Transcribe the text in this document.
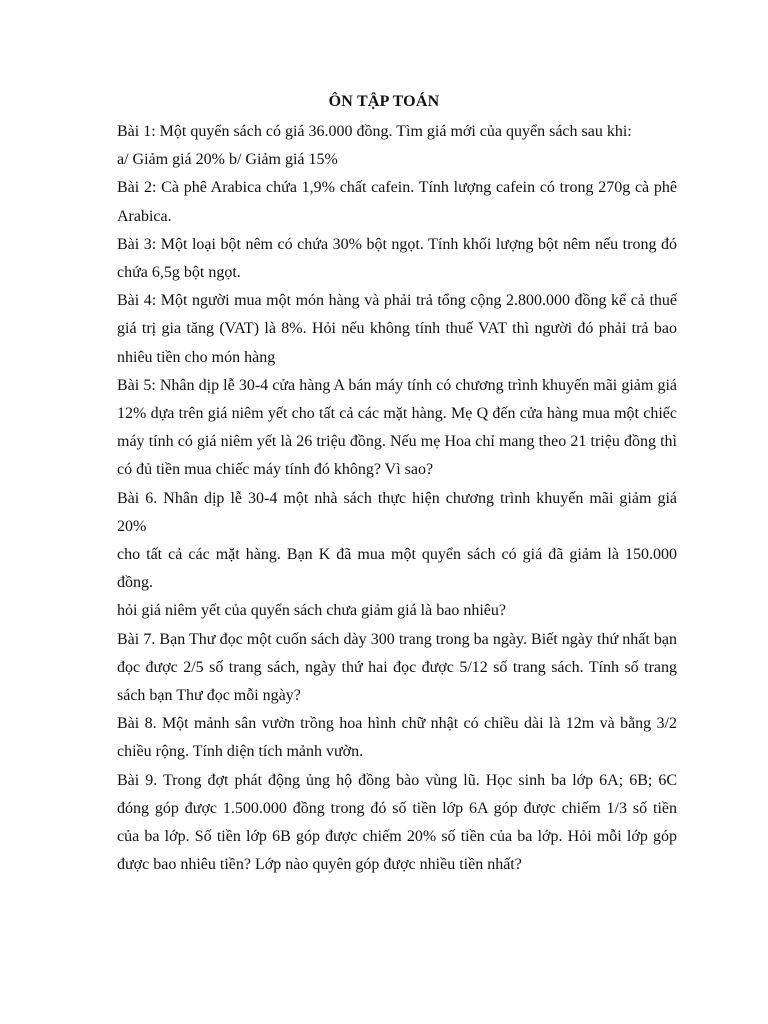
ÔN TẬP TOÁN
Bài 1: Một quyển sách có giá 36.000 đồng. Tìm giá mới của quyển sách sau khi:
a/ Giảm giá 20% b/ Giảm giá 15%
Bài 2: Cà phê Arabica chứa 1,9% chất cafein. Tính lượng cafein có trong 270g cà phê
Arabica.
Bài 3: Một loại bột nêm có chứa 30% bột ngọt. Tính khối lượng bột nêm nếu trong đó
chứa 6,5g bột ngọt.
Bài 4: Một người mua một món hàng và phải trả tổng cộng 2.800.000 đồng kể cả thuế
giá trị gia tăng (VAT) là 8%. Hỏi nếu không tính thuế VAT thì người đó phải trả bao
nhiêu tiền cho món hàng
Bài 5: Nhân dịp lễ 30-4 cửa hàng A bán máy tính có chương trình khuyến mãi giảm giá
12% dựa trên giá niêm yết cho tất cả các mặt hàng. Mẹ Q đến cửa hàng mua một chiếc
máy tính có giá niêm yết là 26 triệu đồng. Nếu mẹ Hoa chỉ mang theo 21 triệu đồng thì
có đủ tiền mua chiếc máy tính đó không? Vì sao?
Bài 6. Nhân dịp lễ 30-4 một nhà sách thực hiện chương trình khuyến mãi giảm giá 20%
cho tất cả các mặt hàng. Bạn K đã mua một quyển sách có giá đã giảm là 150.000 đồng.
hỏi giá niêm yết của quyển sách chưa giảm giá là bao nhiêu?
Bài 7. Bạn Thư đọc một cuốn sách dày 300 trang trong ba ngày. Biết ngày thứ nhất bạn
đọc được 2/5 số trang sách, ngày thứ hai đọc được 5/12 số trang sách. Tính số trang
sách bạn Thư đọc mỗi ngày?
Bài 8. Một mảnh sân vườn trồng hoa hình chữ nhật có chiều dài là 12m và bằng 3/2
chiều rộng. Tính diện tích mảnh vườn.
Bài 9. Trong đợt phát động ủng hộ đồng bào vùng lũ. Học sinh ba lớp 6A; 6B; 6C
đóng góp được 1.500.000 đồng trong đó số tiền lớp 6A góp được chiếm 1/3 số tiền
của ba lớp. Số tiền lớp 6B góp được chiếm 20% số tiền của ba lớp. Hỏi mỗi lớp góp
được bao nhiêu tiền? Lớp nào quyên góp được nhiều tiền nhất?
